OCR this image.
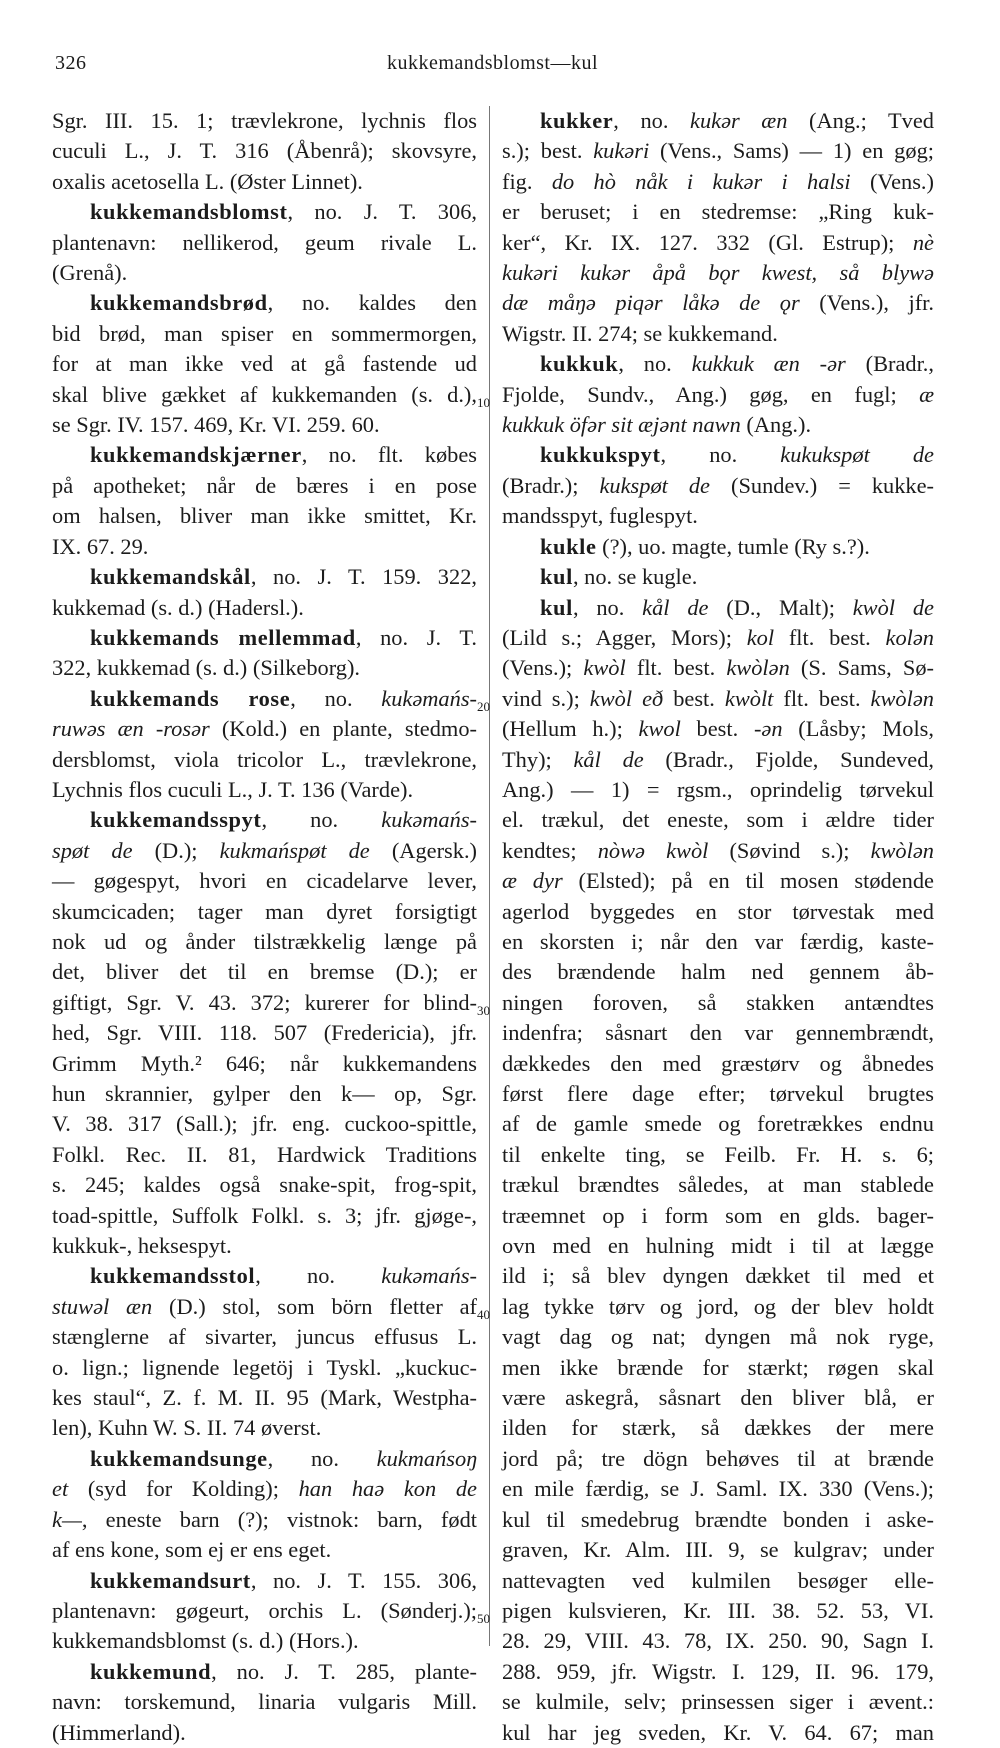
326	kukkemandsblomst—kul
Sgr. III. 15. 1; trævlekrone, lychnis flos
cuculi L., J. T. 316 (Åbenrå); skovsyre,
oxalis acetosella L. (Øster Linnet).
kukkemandsblomst, no. J. T. 306,
plantenavn: nellikerod, geum rivale L.
(Grenå).
kukkemandsbrød, no. kaldes den
bid brød, man spiser en sommermorgen,
for at man ikke ved at gå fastende ud
skal blive gækket af kukkemanden (s. d.),
se Sgr. IV. 157. 469, Kr. VI. 259. 60.
kukkemandskjærner, no. flt. købes
på apotheket; når de bæres i en pose
om halsen, bliver man ikke smittet, Kr.
IX. 67. 29.
kukkemandskål, no. J. T. 159. 322,
kukkemad (s. d.) (Hadersl.).
kukkemands mellemmad, no. J. T.
322, kukkemad (s. d.) (Silkeborg).
kukkemands rose, no. kukəmańs-
ruwəs æn -rosər (Kold.) en plante, stedmo-
dersblomst, viola tricolor L., trævlekrone,
Lychnis flos cuculi L., J. T. 136 (Varde).
kukkemandsspyt, no. kukəmańs-
spøt de (D.); kukmańspøt de (Agersk.)
— gøgespyt, hvori en cicadelarve lever,
skumcicaden; tager man dyret forsigtigt
nok ud og ånder tilstrækkelig længe på
det, bliver det til en bremse (D.); er
giftigt, Sgr. V. 43. 372; kurerer for blind-
hed, Sgr. VIII. 118. 507 (Fredericia), jfr.
Grimm Myth.² 646; når kukkemandens
hun skrannier, gylper den k— op, Sgr.
V. 38. 317 (Sall.); jfr. eng. cuckoo-spittle,
Folkl. Rec. II. 81, Hardwick Traditions
s. 245; kaldes også snake-spit, frog-spit,
toad-spittle, Suffolk Folkl. s. 3; jfr. gjøge-,
kukkuk-, heksespyt.
kukkemandsstol, no. kukəmańs-
stuwəl æn (D.) stol, som börn fletter af
stænglerne af sivarter, juncus effusus L.
o. lign.; lignende legetöj i Tyskl. „kuckuc-
kes staul“, Z. f. M. II. 95 (Mark, Westpha-
len), Kuhn W. S. II. 74 øverst.
kukkemandsunge, no. kukmańsoŋ
et (syd for Kolding); han haə kon de
k—, eneste barn (?); vistnok: barn, født
af ens kone, som ej er ens eget.
kukkemandsurt, no. J. T. 155. 306,
plantenavn: gøgeurt, orchis L. (Sønderj.);
kukkemandsblomst (s. d.) (Hors.).
kukkemund, no. J. T. 285, plante-
navn: torskemund, linaria vulgaris Mill.
(Himmerland).
kukker, no. kukər æn (Ang.; Tved
s.); best. kukəri (Vens., Sams) — 1) en gøg;
fig. do hò nåk i kukər i halsi (Vens.)
er beruset; i en stedremse: „Ring kuk-
ker“, Kr. IX. 127. 332 (Gl. Estrup); nè
kukəri kukər åpå bǫr kwest, så blywə
dæ måŋə piqər låkə de ǫr (Vens.), jfr.
Wigstr. II. 274; se kukkemand.
kukkuk, no. kukkuk æn -ər (Bradr.,
Fjolde, Sundv., Ang.) gøg, en fugl; æ
kukkuk öfər sit æjənt nawn (Ang.).
kukkukspyt, no. kukukspøt de
(Bradr.); kukspøt de (Sundev.) = kukke-
mandsspyt, fuglespyt.
kukle (?), uo. magte, tumle (Ry s.?).
kul, no. se kugle.
kul, no. kål de (D., Malt); kwòl de
(Lild s.; Agger, Mors); kol flt. best. kolən
(Vens.); kwòl flt. best. kwòlən (S. Sams, Sø-
vind s.); kwòl eð best. kwòlt flt. best. kwòlən
(Hellum h.); kwol best. -ən (Låsby; Mols,
Thy); kål de (Bradr., Fjolde, Sundeved,
Ang.) — 1) = rgsm., oprindelig tørvekul
el. trækul, det eneste, som i ældre tider
kendtes; nòwə kwòl (Søvind s.); kwòlən
æ dyr (Elsted); på en til mosen stødende
agerlod byggedes en stor tørvestak med
en skorsten i; når den var færdig, kaste-
des brændende halm ned gennem åb-
ningen foroven, så stakken antændtes
indenfra; såsnart den var gennembrændt,
dækkedes den med græstørv og åbnedes
først flere dage efter; tørvekul brugtes
af de gamle smede og foretrækkes endnu
til enkelte ting, se Feilb. Fr. H. s. 6;
trækul brændtes således, at man stablede
træemnet op i form som en glds. bager-
ovn med en hulning midt i til at lægge
ild i; så blev dyngen dækket til med et
lag tykke tørv og jord, og der blev holdt
vagt dag og nat; dyngen må nok ryge,
men ikke brænde for stærkt; røgen skal
være askegrå, såsnart den bliver blå, er
ilden for stærk, så dækkes der mere
jord på; tre dögn behøves til at brænde
en mile færdig, se J. Saml. IX. 330 (Vens.);
kul til smedebrug brændte bonden i aske-
graven, Kr. Alm. III. 9, se kulgrav; under
nattevagten ved kulmilen besøger elle-
pigen kulsvieren, Kr. III. 38. 52. 53, VI.
28. 29, VIII. 43. 78, IX. 250. 90, Sagn I.
288. 959, jfr. Wigstr. I. 129, II. 96. 179,
se kulmile, selv; prinsessen siger i ævent.:
kul har jeg sveden, Kr. V. 64. 67; man
10
20
30
40
50
